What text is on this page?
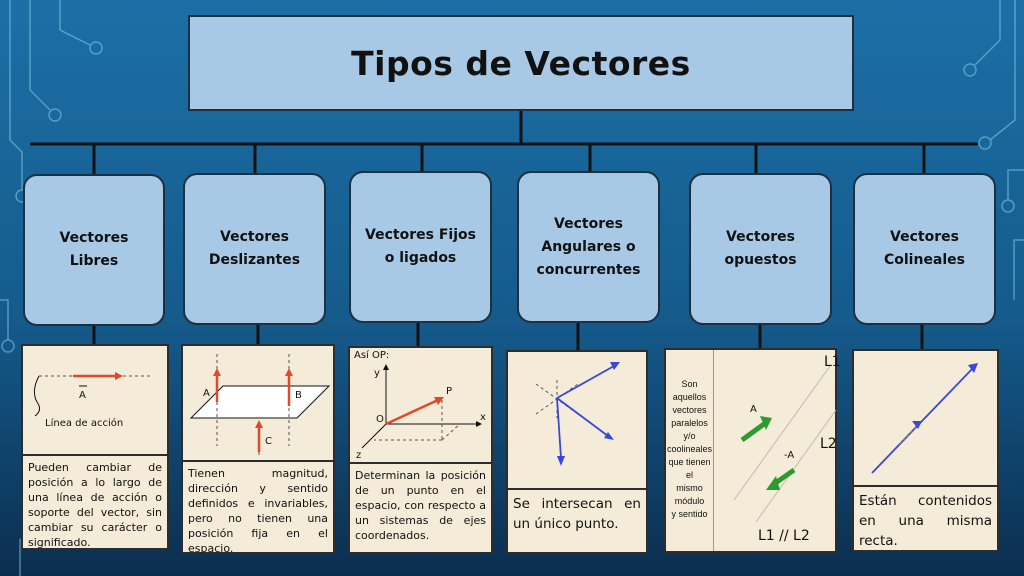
Tipos de Vectores
Vectores
Libres
Vectores
Deslizantes
Vectores Fijos
o ligados
Vectores
Angulares o
concurrentes
Vectores
opuestos
Vectores
Colineales
A
Línea de acción
Pueden cambiar de posición a lo largo de una línea de acción o soporte del vector, sin cambiar su carácter o significado.
A	B
C
Tienen magnitud, dirección y sentido definidos e invariables, pero no tienen una posición fija en el espacio.
Así OP:
y
x
z
O
P
Determinan la posición de un punto en el espacio, con respecto a un sistemas de ejes coordenados.
Se intersecan en un único punto.
Son aquellos
vectores
paralelos y/o
coolineales
que tienen el
mismo módulo
y sentido
A
-A
L1
L2
L1 // L2
Están contenidos en una misma recta.
